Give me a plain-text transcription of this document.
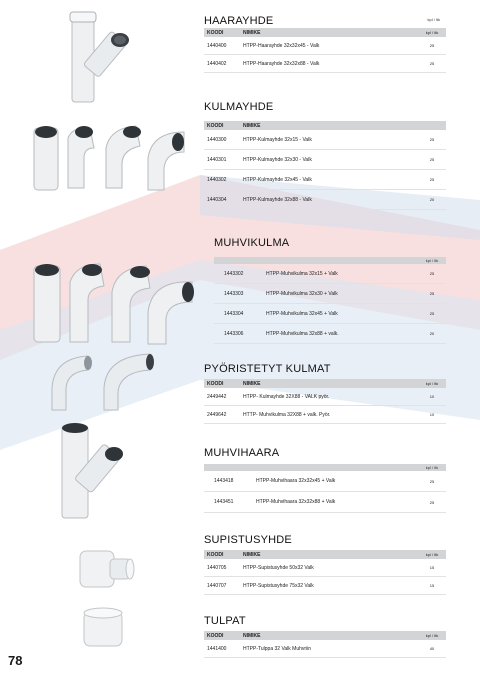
HAARAYHDE	kpl / ltk
KOODI	NIMIKE	kpl / ltk
1440400	HTPP-Haarayhde 32x32x45 - Valk	25
1440402	HTPP-Haarayhde 32x32x88 - Valk	25
KULMAYHDE
KOODI	NIMIKE
1440300	HTPP-Kulmayhde 32x15 - Valk	25
1440301	HTPP-Kulmayhde 32x30 - Valk	25
1440302	HTPP-Kulmayhde 32x45 - Valk	25
1440304	HTPP-Kulmayhde 32x88 - Valk	20
MUHVIKULMA
kpl / ltk
1443302	HTPP-Muhvikulma 32x15 + Valk	25
1443303	HTPP-Muhvikulma 32x30 + Valk	25
1443304	HTPP-Muhvikulma 32x45 + Valk	25
1443306	HTPP-Muhvikulma 32x88 + valk.	20
PYÖRISTETYT KULMAT
KOODI	NIMIKE	kpl / ltk
2449442	HTPP- Kulmayhde 32X88 - VALK pyör.	10
2449642	HTTP- Muhvikulma 32X88 + valk. Pyör.	10
MUHVIHAARA
kpl / ltk
1443418	HTPP-Muhvihaara 32x32x45 + Valk	25
1443451	HTPP-Muhvihaara 32x32x88 + Valk	25
SUPISTUSYHDE
KOODI	NIMIKE	kpl / ltk
1440705	HTPP-Supistusyhde 50x32 Valk	15
1440707	HTPP-Supistusyhde 75x32 Valk	15
TULPAT
KOODI	NIMIKE	kpl / ltk
1441400	HTPP-Tulppa 32 Valk Muhvriin	40
78
